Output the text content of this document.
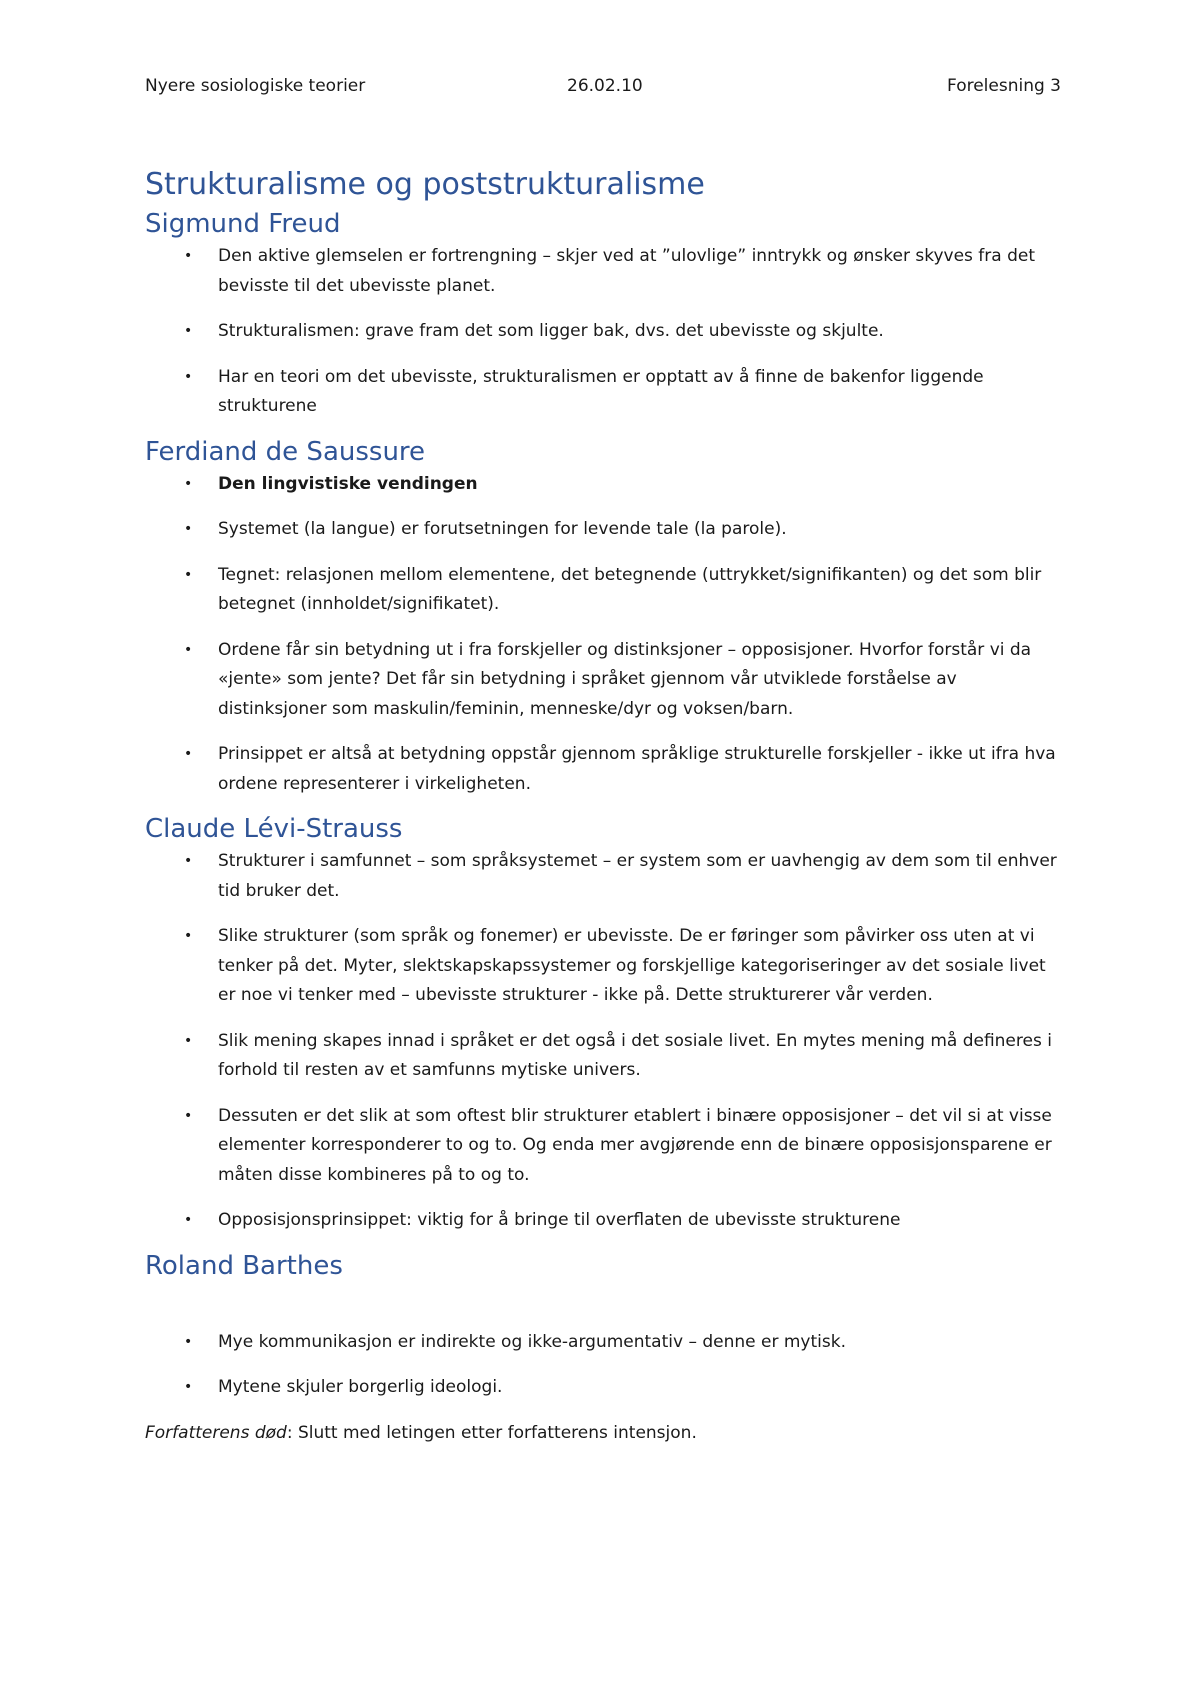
Nyere sosiologiske teorier	26.02.10	Forelesning 3
Strukturalisme og poststrukturalisme
Sigmund Freud
• Den aktive glemselen er fortrengning – skjer ved at ”ulovlige” inntrykk og ønsker skyves fra det bevisste til det ubevisste planet.
• Strukturalismen: grave fram det som ligger bak, dvs. det ubevisste og skjulte.
• Har en teori om det ubevisste, strukturalismen er opptatt av å finne de bakenfor liggende strukturene
Ferdiand de Saussure
• Den lingvistiske vendingen
• Systemet (la langue) er forutsetningen for levende tale (la parole).
• Tegnet: relasjonen mellom elementene, det betegnende (uttrykket/signifikanten) og det som blir betegnet (innholdet/signifikatet).
• Ordene får sin betydning ut i fra forskjeller og distinksjoner – opposisjoner. Hvorfor forstår vi da «jente» som jente? Det får sin betydning i språket gjennom vår utviklede forståelse av distinksjoner som maskulin/feminin, menneske/dyr og voksen/barn.
• Prinsippet er altså at betydning oppstår gjennom språklige strukturelle forskjeller - ikke ut ifra hva ordene representerer i virkeligheten.
Claude Lévi-Strauss
• Strukturer i samfunnet – som språksystemet – er system som er uavhengig av dem som til enhver tid bruker det.
• Slike strukturer (som språk og fonemer) er ubevisste. De er føringer som påvirker oss uten at vi tenker på det. Myter, slektskapskapssystemer og forskjellige kategoriseringer av det sosiale livet er noe vi tenker med – ubevisste strukturer - ikke på. Dette strukturerer vår verden.
• Slik mening skapes innad i språket er det også i det sosiale livet. En mytes mening må defineres i forhold til resten av et samfunns mytiske univers.
• Dessuten er det slik at som oftest blir strukturer etablert i binære opposisjoner – det vil si at visse elementer korresponderer to og to. Og enda mer avgjørende enn de binære opposisjonsparene er måten disse kombineres på to og to.
• Opposisjonsprinsippet: viktig for å bringe til overflaten de ubevisste strukturene
Roland Barthes
• Mye kommunikasjon er indirekte og ikke-argumentativ – denne er mytisk.
• Mytene skjuler borgerlig ideologi.

Forfatterens død: Slutt med letingen etter forfatterens intensjon.
